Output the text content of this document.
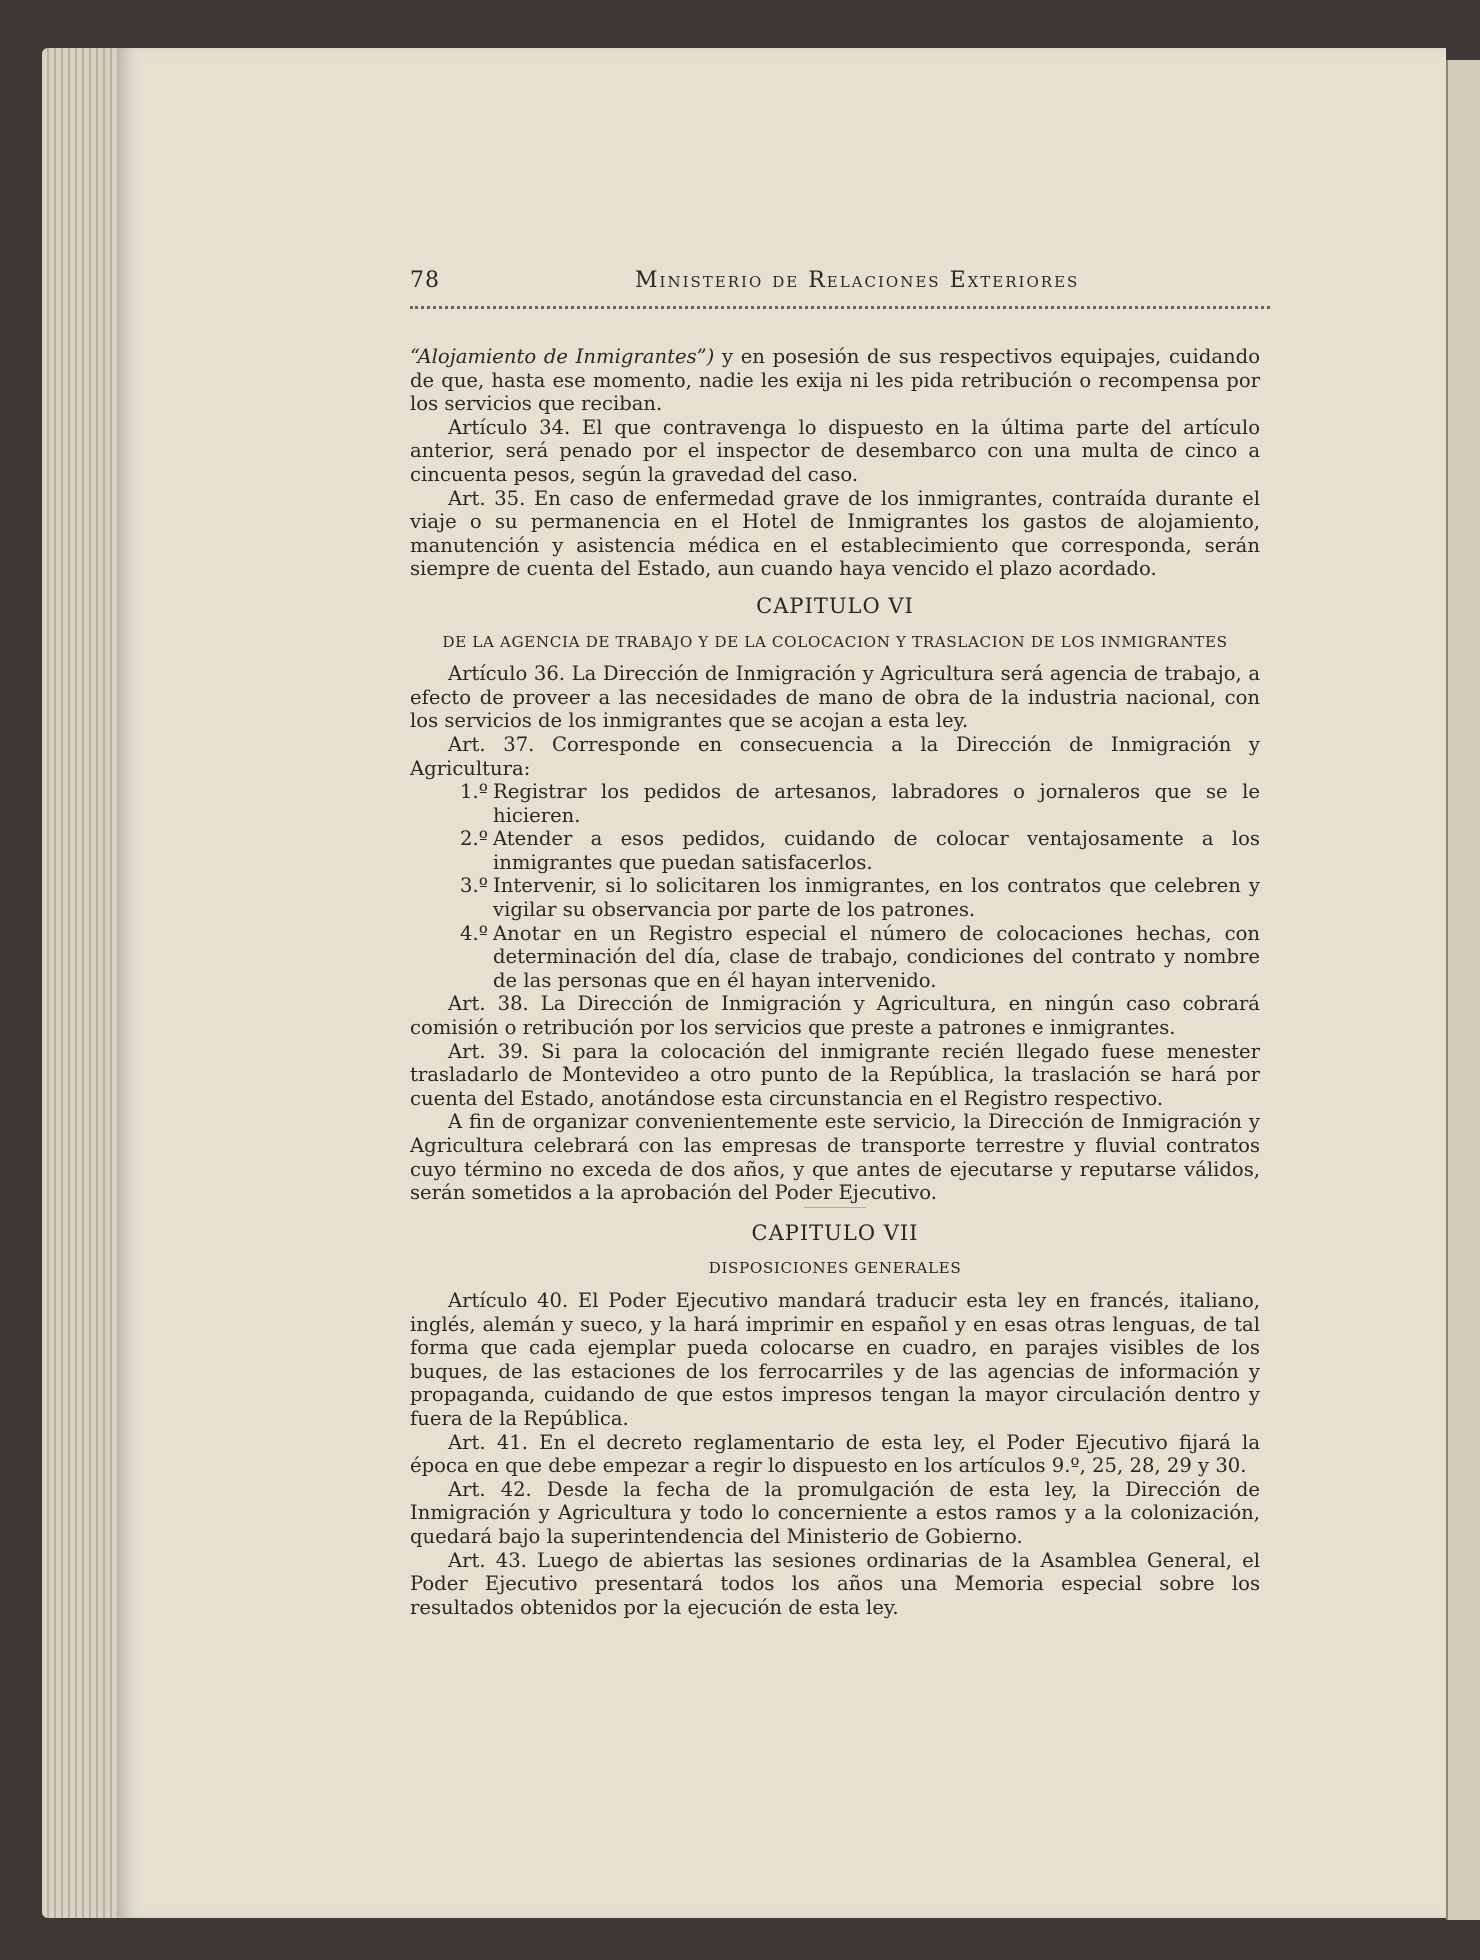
78	Ministerio de Relaciones Exteriores

“Alojamiento de Inmigrantes”) y en posesión de sus respectivos equipajes, cuidando de que, hasta ese momento, nadie les exija ni les pida retribución o recompensa por los servicios que reciban.

Artículo 34. El que contravenga lo dispuesto en la última parte del artículo anterior, será penado por el inspector de desembarco con una multa de cinco a cincuenta pesos, según la gravedad del caso.

Art. 35. En caso de enfermedad grave de los inmigrantes, contraída durante el viaje o su permanencia en el Hotel de Inmigrantes los gastos de alojamiento, manutención y asistencia médica en el establecimiento que corresponda, serán siempre de cuenta del Estado, aun cuando haya vencido el plazo acordado.

CAPITULO VI

DE LA AGENCIA DE TRABAJO Y DE LA COLOCACION Y TRASLACION DE LOS INMIGRANTES

Artículo 36. La Dirección de Inmigración y Agricultura será agencia de trabajo, a efecto de proveer a las necesidades de mano de obra de la industria nacional, con los servicios de los inmigrantes que se acojan a esta ley.

Art. 37. Corresponde en consecuencia a la Dirección de Inmigración y Agricultura:

1.º Registrar los pedidos de artesanos, labradores o jornaleros que se le hicieren.

2.º Atender a esos pedidos, cuidando de colocar ventajosamente a los inmigrantes que puedan satisfacerlos.

3.º Intervenir, si lo solicitaren los inmigrantes, en los contratos que celebren y vigilar su observancia por parte de los patrones.

4.º Anotar en un Registro especial el número de colocaciones hechas, con determinación del día, clase de trabajo, condiciones del contrato y nombre de las personas que en él hayan intervenido.

Art. 38. La Dirección de Inmigración y Agricultura, en ningún caso cobrará comisión o retribución por los servicios que preste a patrones e inmigrantes.

Art. 39. Si para la colocación del inmigrante recién llegado fuese menester trasladarlo de Montevideo a otro punto de la República, la traslación se hará por cuenta del Estado, anotándose esta circunstancia en el Registro respectivo.

A fin de organizar convenientemente este servicio, la Dirección de Inmigración y Agricultura celebrará con las empresas de transporte terrestre y fluvial contratos cuyo término no exceda de dos años, y que antes de ejecutarse y reputarse válidos, serán sometidos a la aprobación del Poder Ejecutivo.

CAPITULO VII

DISPOSICIONES GENERALES

Artículo 40. El Poder Ejecutivo mandará traducir esta ley en francés, italiano, inglés, alemán y sueco, y la hará imprimir en español y en esas otras lenguas, de tal forma que cada ejemplar pueda colocarse en cuadro, en parajes visibles de los buques, de las estaciones de los ferrocarriles y de las agencias de información y propaganda, cuidando de que estos impresos tengan la mayor circulación dentro y fuera de la República.

Art. 41. En el decreto reglamentario de esta ley, el Poder Ejecutivo fijará la época en que debe empezar a regir lo dispuesto en los artículos 9.º, 25, 28, 29 y 30.

Art. 42. Desde la fecha de la promulgación de esta ley, la Dirección de Inmigración y Agricultura y todo lo concerniente a estos ramos y a la colonización, quedará bajo la superintendencia del Ministerio de Gobierno.

Art. 43. Luego de abiertas las sesiones ordinarias de la Asamblea General, el Poder Ejecutivo presentará todos los años una Memoria especial sobre los resultados obtenidos por la ejecución de esta ley.
